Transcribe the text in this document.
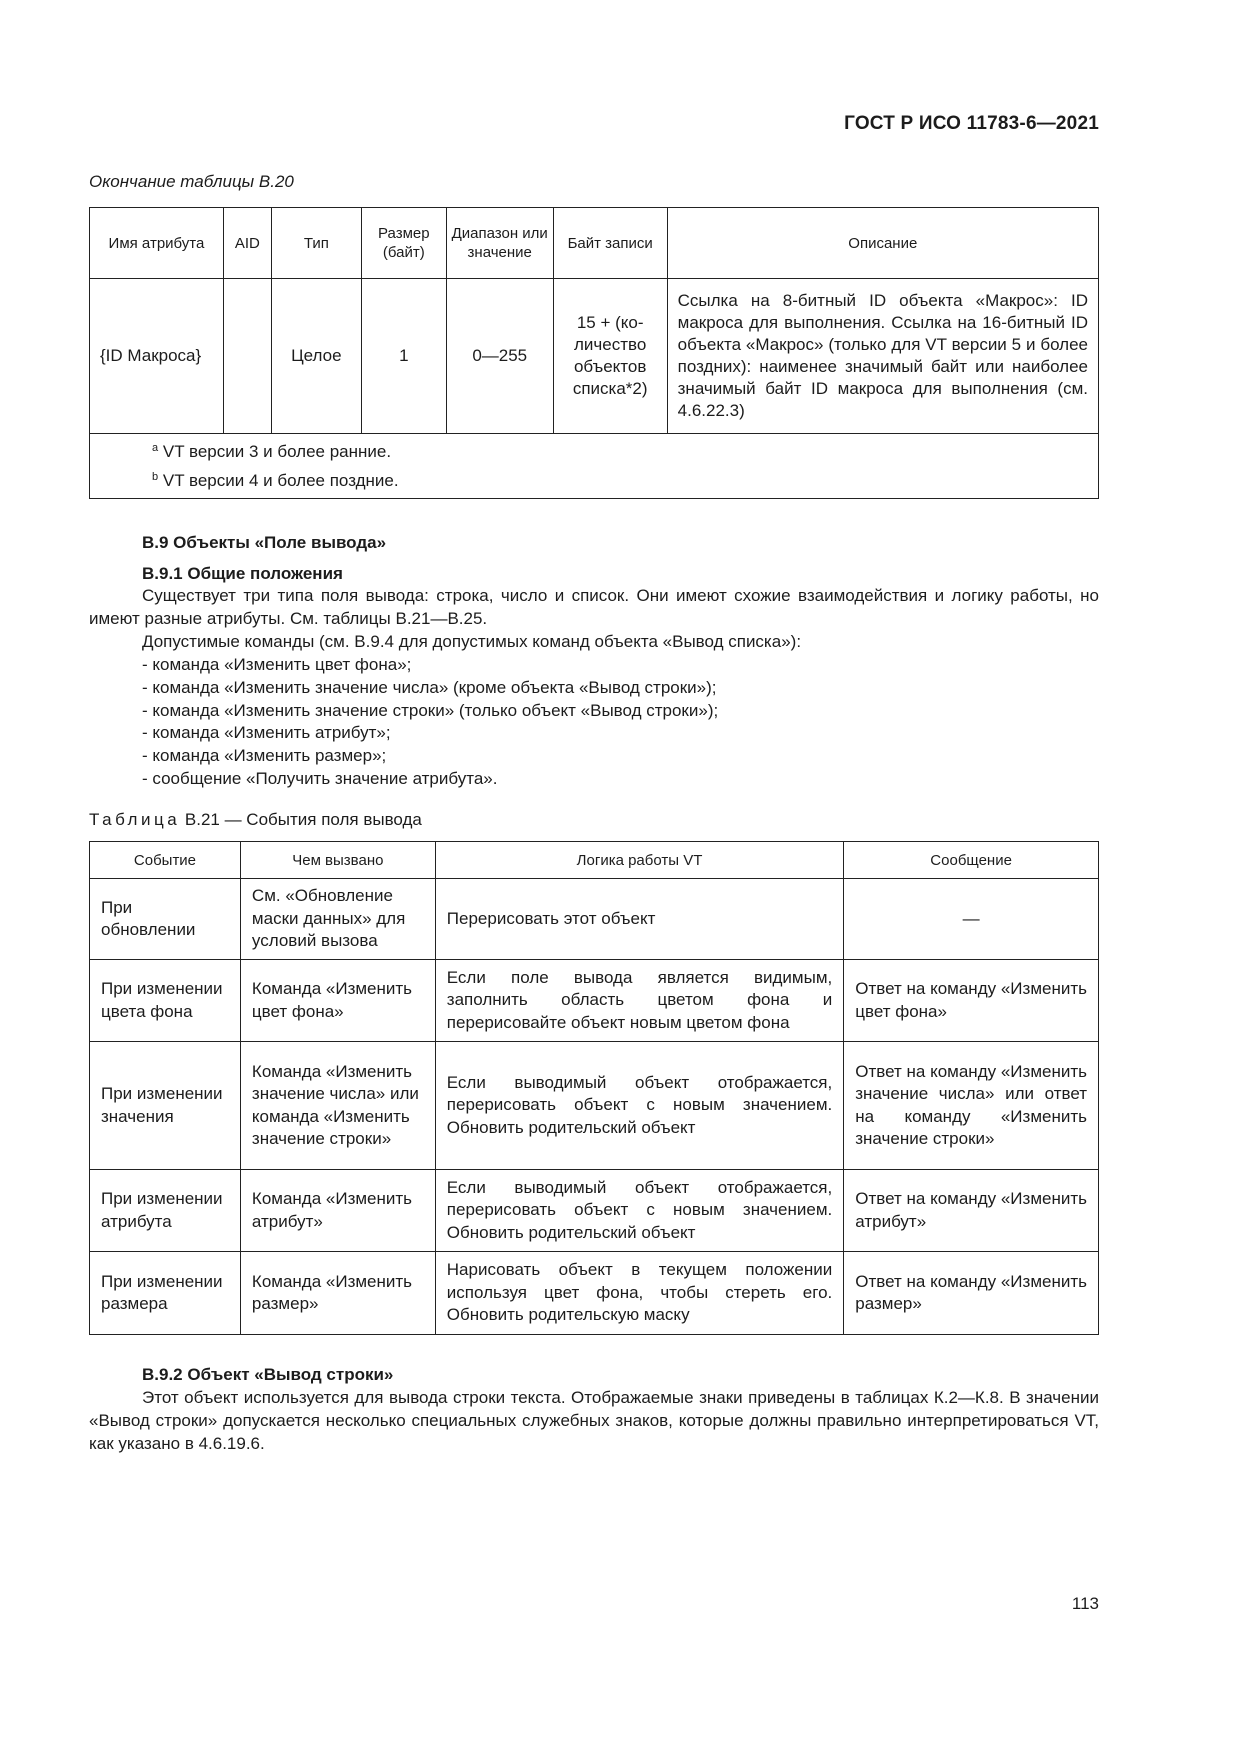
ГОСТ Р ИСО 11783-6—2021
Окончание таблицы В.20
Имя атрибута	AID	Тип	Размер (байт)	Диапазон или значение	Байт записи	Описание
{ID Макроса}		Целое	1	0—255	15 + (ко-личество объектов списка*2)	Ссылка на 8-битный ID объекта «Макрос»: ID макроса для выполнения. Ссылка на 16-битный ID объекта «Макрос» (только для VT версии 5 и более поздних): наименее значимый байт или наиболее значимый байт ID макроса для выполнения (см. 4.6.22.3)

$^a$ VT версии 3 и более ранние.
$^b$ VT версии 4 и более поздние.						
В.9 Объекты «Поле вывода»
В.9.1 Общие положения
Существует три типа поля вывода: строка, число и список. Они имеют схожие взаимодействия и логику работы, но имеют разные атрибуты. См. таблицы В.21—В.25.
Допустимые команды (см. В.9.4 для допустимых команд объекта «Вывод списка»):
- команда «Изменить цвет фона»;
- команда «Изменить значение числа» (кроме объекта «Вывод строки»);
- команда «Изменить значение строки» (только объект «Вывод строки»);
- команда «Изменить атрибут»;
- команда «Изменить размер»;
- сообщение «Получить значение атрибута».
Таблица В.21 — События поля вывода
Событие	Чем вызвано	Логика работы VT	Сообщение
При обновлении	См. «Обновление маски данных» для условий вызова	Перерисовать этот объект	—
При изменении цвета фона	Команда «Изменить цвет фона»	Если поле вывода является видимым, заполнить область цветом фона и перерисовайте объект новым цветом фона	Ответ на команду «Изменить цвет фона»
При изменении значения	Команда «Изменить значение числа» или команда «Изменить значение строки»	Если выводимый объект отображается, перерисовать объект с новым значением. Обновить родительский объект	Ответ на команду «Изменить значение числа» или ответ на команду «Изменить значение строки»
При изменении атрибута	Команда «Изменить атрибут»	Если выводимый объект отображается, перерисовать объект с новым значением. Обновить родительский объект	Ответ на команду «Изменить атрибут»
При изменении размера	Команда «Изменить размер»	Нарисовать объект в текущем положении используя цвет фона, чтобы стереть его. Обновить родительскую маску	Ответ на команду «Изменить размер»
В.9.2 Объект «Вывод строки»
Этот объект используется для вывода строки текста. Отображаемые знаки приведены в таблицах К.2—К.8. В значении «Вывод строки» допускается несколько специальных служебных знаков, которые должны правильно интерпретироваться VT, как указано в 4.6.19.6.
113
